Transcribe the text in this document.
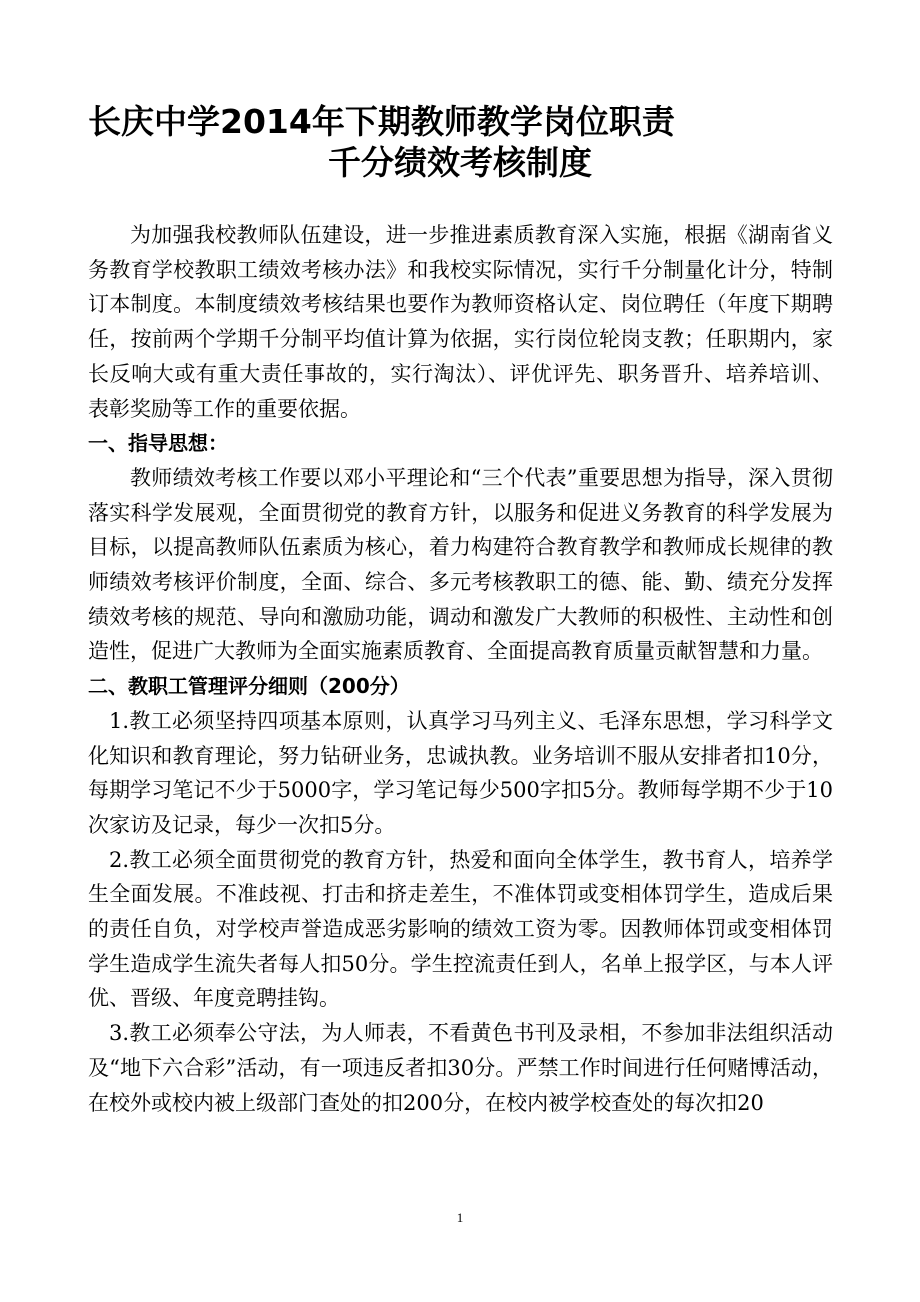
长庆中学2014年下期教师教学岗位职责
千分绩效考核制度

为加强我校教师队伍建设，进一步推进素质教育深入实施，根据《湖南省义务教育学校教职工绩效考核办法》和我校实际情况，实行千分制量化计分，特制订本制度。本制度绩效考核结果也要作为教师资格认定、岗位聘任（年度下期聘任，按前两个学期千分制平均值计算为依据，实行岗位轮岗支教；任职期内，家长反响大或有重大责任事故的，实行淘汰）、评优评先、职务晋升、培养培训、表彰奖励等工作的重要依据。

一、指导思想：

教师绩效考核工作要以邓小平理论和“三个代表”重要思想为指导，深入贯彻落实科学发展观，全面贯彻党的教育方针，以服务和促进义务教育的科学发展为目标，以提高教师队伍素质为核心，着力构建符合教育教学和教师成长规律的教师绩效考核评价制度，全面、综合、多元考核教职工的德、能、勤、绩充分发挥绩效考核的规范、导向和激励功能，调动和激发广大教师的积极性、主动性和创造性，促进广大教师为全面实施素质教育、全面提高教育质量贡献智慧和力量。

二、教职工管理评分细则（200分）

1.教工必须坚持四项基本原则，认真学习马列主义、毛泽东思想，学习科学文化知识和教育理论，努力钻研业务，忠诚执教。业务培训不服从安排者扣10分，每期学习笔记不少于5000字，学习笔记每少500字扣5分。教师每学期不少于10次家访及记录，每少一次扣5分。

2.教工必须全面贯彻党的教育方针，热爱和面向全体学生，教书育人，培养学生全面发展。不准歧视、打击和挤走差生，不准体罚或变相体罚学生，造成后果的责任自负，对学校声誉造成恶劣影响的绩效工资为零。因教师体罚或变相体罚学生造成学生流失者每人扣50分。学生控流责任到人，名单上报学区，与本人评优、晋级、年度竞聘挂钩。

3.教工必须奉公守法，为人师表，不看黄色书刊及录相，不参加非法组织活动及“地下六合彩”活动，有一项违反者扣30分。严禁工作时间进行任何赌博活动，在校外或校内被上级部门查处的扣200分，在校内被学校查处的每次扣20

1
